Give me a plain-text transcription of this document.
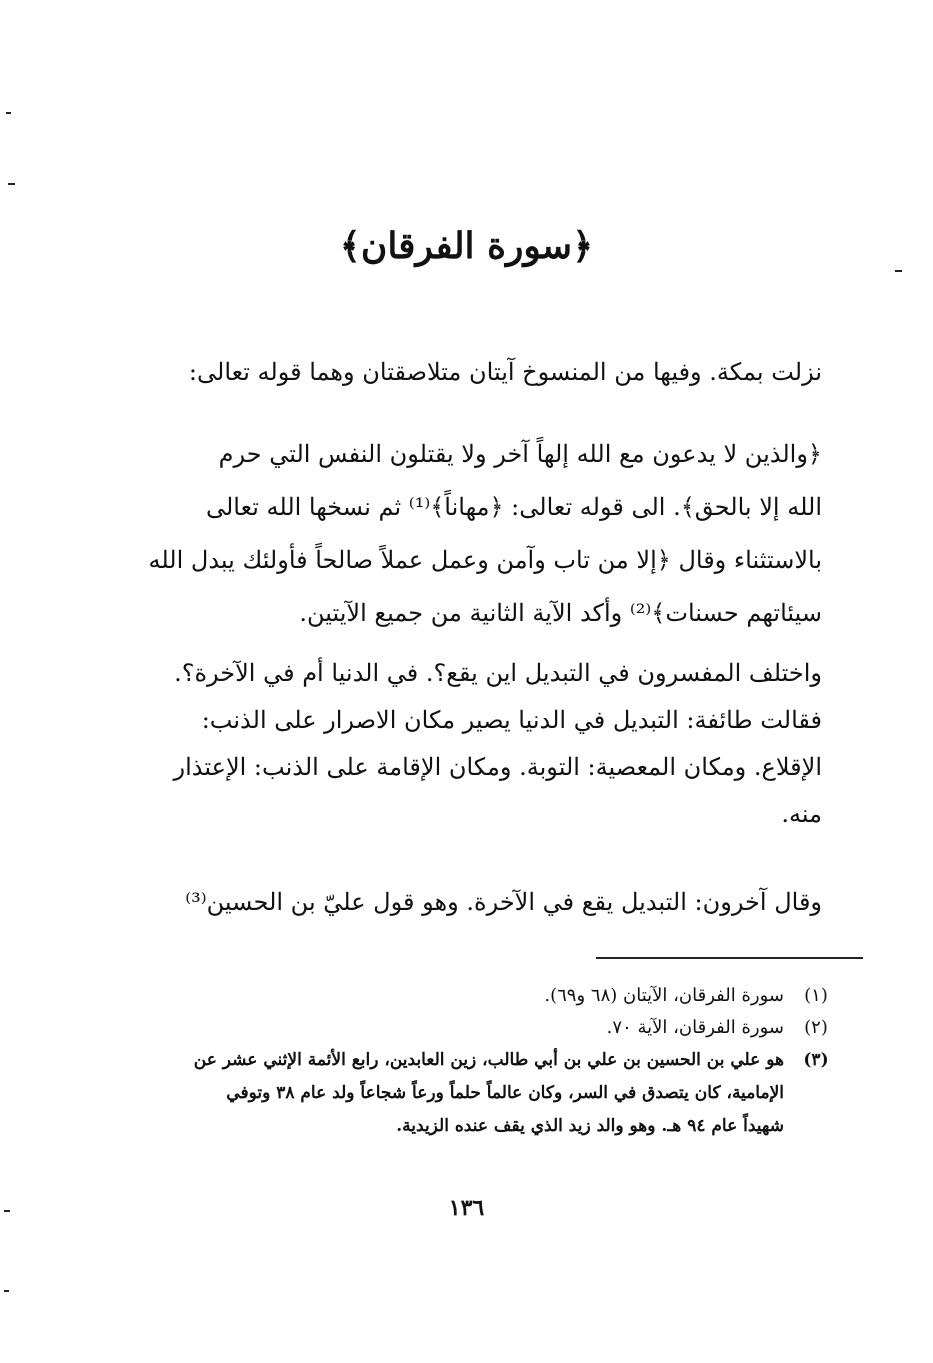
﴿سورة الفرقان﴾
نزلت بمكة. وفيها من المنسوخ آيتان متلاصقتان وهما قوله تعالى:
﴿والذين لا يدعون مع الله إلهاً آخر ولا يقتلون النفس التي حرم
الله إلا بالحق﴾. الى قوله تعالى: ﴿مهاناً﴾⁽¹⁾ ثم نسخها الله تعالى
بالاستثناء وقال ﴿إلا من تاب وآمن وعمل عملاً صالحاً فأولئك يبدل الله
سيئاتهم حسنات﴾⁽²⁾ وأكد الآية الثانية من جميع الآيتين.
واختلف المفسرون في التبديل اين يقع؟. في الدنيا أم في الآخرة؟.
فقالت طائفة: التبديل في الدنيا يصير مكان الاصرار على الذنب:
الإقلاع. ومكان المعصية: التوبة. ومكان الإقامة على الذنب: الإعتذار
منه.
وقال آخرون: التبديل يقع في الآخرة. وهو قول عليّ بن الحسين⁽³⁾
(١)
سورة الفرقان، الآيتان (٦٨ و٦٩).
(٢)
سورة الفرقان، الآية ٧٠.
(٣)
هو علي بن الحسين بن علي بن أبي طالب، زين العابدين، رابع الأئمة الإثني عشر عن
الإمامية، كان يتصدق في السر، وكان عالماً حلماً ورعاً شجاعاً ولد عام ٣٨ وتوفي
شهيداً عام ٩٤ هـ. وهو والد زيد الذي يقف عنده الزيدية.
١٣٦
